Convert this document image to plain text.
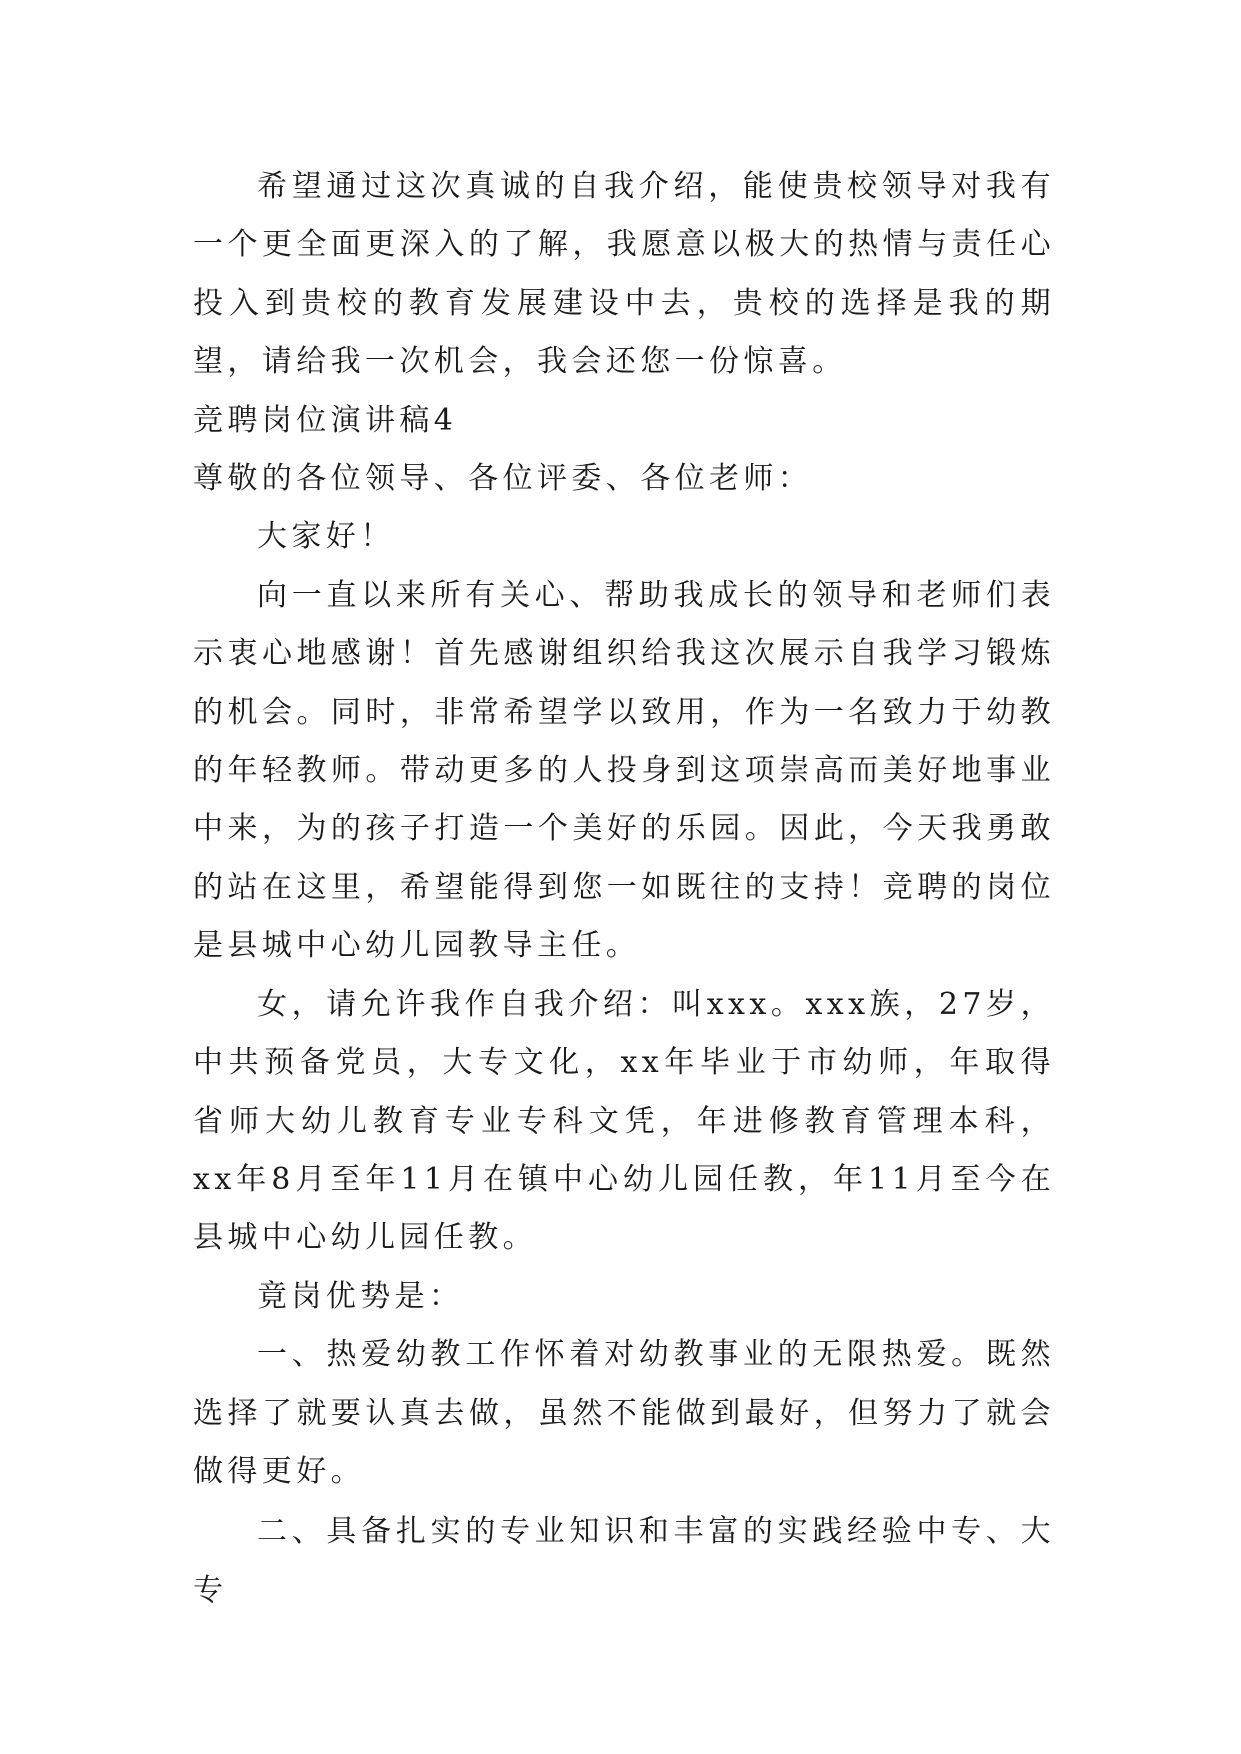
希望通过这次真诚的自我介绍，能使贵校领导对我有一个更全面更深入的了解，我愿意以极大的热情与责任心投入到贵校的教育发展建设中去，贵校的选择是我的期望，请给我一次机会，我会还您一份惊喜。

竞聘岗位演讲稿4

尊敬的各位领导、各位评委、各位老师：

大家好！

向一直以来所有关心、帮助我成长的领导和老师们表示衷心地感谢！首先感谢组织给我这次展示自我学习锻炼的机会。同时，非常希望学以致用，作为一名致力于幼教的年轻教师。带动更多的人投身到这项崇高而美好地事业中来，为的孩子打造一个美好的乐园。因此，今天我勇敢的站在这里，希望能得到您一如既往的支持！竞聘的岗位是县城中心幼儿园教导主任。

女，请允许我作自我介绍：叫xxx。xxx族，27岁，中共预备党员，大专文化，xx年毕业于市幼师，年取得省师大幼儿教育专业专科文凭，年进修教育管理本科，xx年8月至年11月在镇中心幼儿园任教，年11月至今在县城中心幼儿园任教。

竟岗优势是：

一、热爱幼教工作怀着对幼教事业的无限热爱。既然选择了就要认真去做，虽然不能做到最好，但努力了就会做得更好。

二、具备扎实的专业知识和丰富的实践经验中专、大专
